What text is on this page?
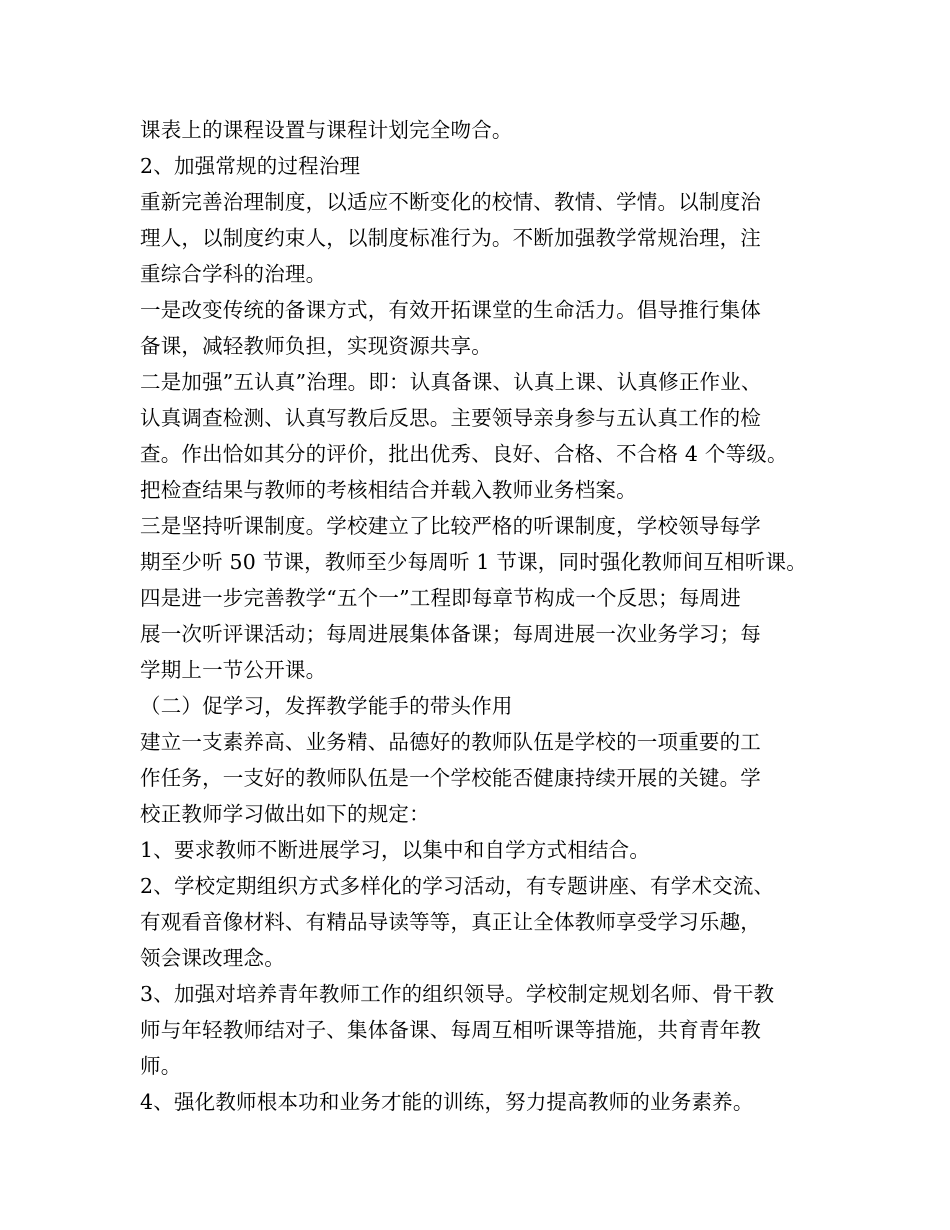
课表上的课程设置与课程计划完全吻合。
2、加强常规的过程治理
重新完善治理制度，以适应不断变化的校情、教情、学情。以制度治
理人，以制度约束人，以制度标准行为。不断加强教学常规治理，注
重综合学科的治理。
一是改变传统的备课方式，有效开拓课堂的生命活力。倡导推行集体
备课，减轻教师负担，实现资源共享。
二是加强”五认真”治理。即：认真备课、认真上课、认真修正作业、
认真调查检测、认真写教后反思。主要领导亲身参与五认真工作的检
查。作出恰如其分的评价，批出优秀、良好、合格、不合格 4 个等级。
把检查结果与教师的考核相结合并载入教师业务档案。
三是坚持听课制度。学校建立了比较严格的听课制度，学校领导每学
期至少听 50 节课，教师至少每周听 1 节课，同时强化教师间互相听课。
四是进一步完善教学“五个一”工程即每章节构成一个反思；每周进
展一次听评课活动；每周进展集体备课；每周进展一次业务学习；每
学期上一节公开课。
（二）促学习，发挥教学能手的带头作用
建立一支素养高、业务精、品德好的教师队伍是学校的一项重要的工
作任务，一支好的教师队伍是一个学校能否健康持续开展的关键。学
校正教师学习做出如下的规定：
1、要求教师不断进展学习，以集中和自学方式相结合。
2、学校定期组织方式多样化的学习活动，有专题讲座、有学术交流、
有观看音像材料、有精品导读等等，真正让全体教师享受学习乐趣，
领会课改理念。
3、加强对培养青年教师工作的组织领导。学校制定规划名师、骨干教
师与年轻教师结对子、集体备课、每周互相听课等措施，共育青年教
师。
4、强化教师根本功和业务才能的训练，努力提高教师的业务素养。
